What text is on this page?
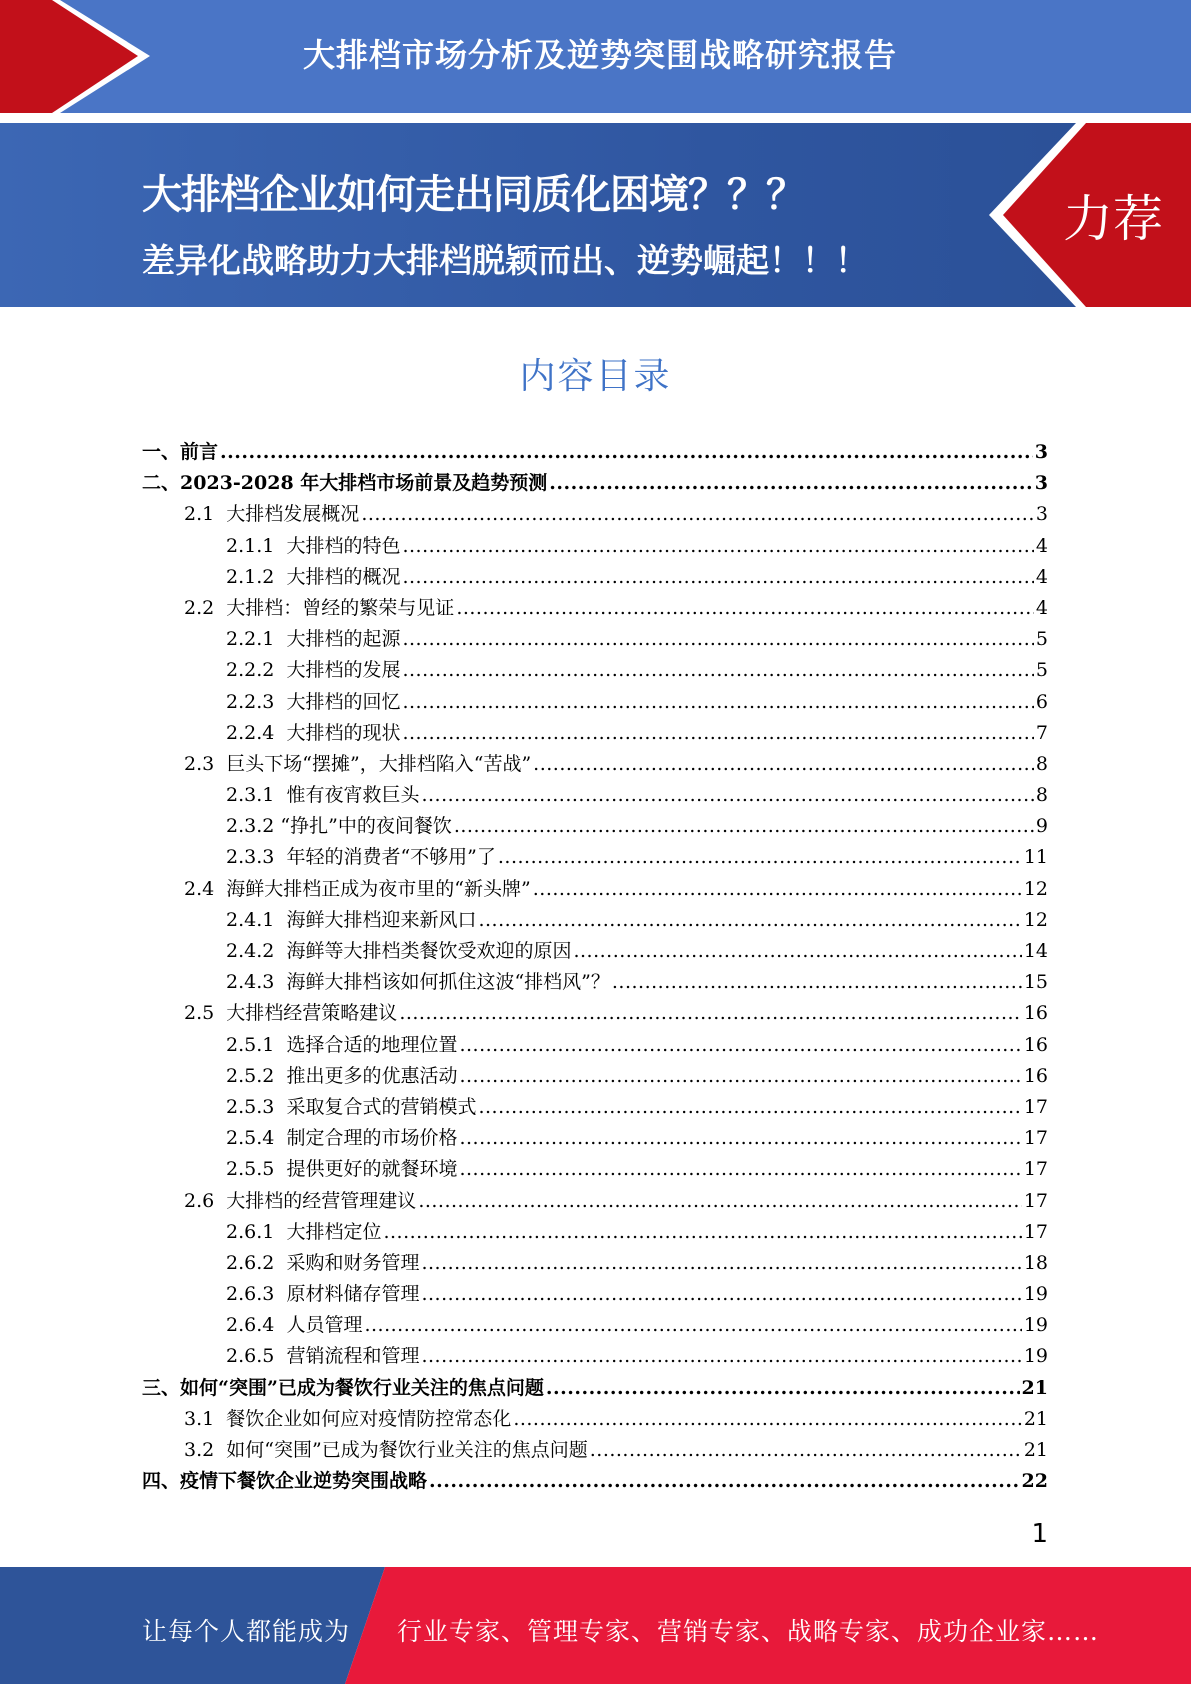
大排档市场分析及逆势突围战略研究报告
大排档企业如何走出同质化困境？？？
差异化战略助力大排档脱颖而出、逆势崛起！！！
力荐
内容目录
一、 前言 .....	3
二、 2023-2028 年大排档市场前景及趋势预测 .....	3
2.1 大排档发展概况 .....	3
2.1.1 大排档的特色 .....	4
2.1.2 大排档的概况 .....	4
2.2 大排档：曾经的繁荣与见证 .....	4
2.2.1 大排档的起源 .....	5
2.2.2 大排档的发展 .....	5
2.2.3 大排档的回忆 .....	6
2.2.4 大排档的现状 .....	7
2.3 巨头下场“摆摊”，大排档陷入“苦战” .....	8
2.3.1 惟有夜宵救巨头 .....	8
2.3.2 “挣扎”中的夜间餐饮 .....	9
2.3.3 年轻的消费者“不够用”了 .....	11
2.4 海鲜大排档正成为夜市里的“新头牌” .....	12
2.4.1 海鲜大排档迎来新风口 .....	12
2.4.2 海鲜等大排档类餐饮受欢迎的原因 .....	14
2.4.3 海鲜大排档该如何抓住这波“排档风”？ .....	15
2.5 大排档经营策略建议 .....	16
2.5.1 选择合适的地理位置 .....	16
2.5.2 推出更多的优惠活动 .....	16
2.5.3 采取复合式的营销模式 .....	17
2.5.4 制定合理的市场价格 .....	17
2.5.5 提供更好的就餐环境 .....	17
2.6 大排档的经营管理建议 .....	17
2.6.1 大排档定位 .....	17
2.6.2 采购和财务管理 .....	18
2.6.3 原材料储存管理 .....	19
2.6.4 人员管理 .....	19
2.6.5 营销流程和管理 .....	19
三、 如何“突围”已成为餐饮行业关注的焦点问题 .....	21
3.1 餐饮企业如何应对疫情防控常态化 .....	21
3.2 如何“突围”已成为餐饮行业关注的焦点问题 .....	21
四、 疫情下餐饮企业逆势突围战略 .....	22
1
让每个人都能成为 行业专家、管理专家、营销专家、战略专家、成功企业家……
